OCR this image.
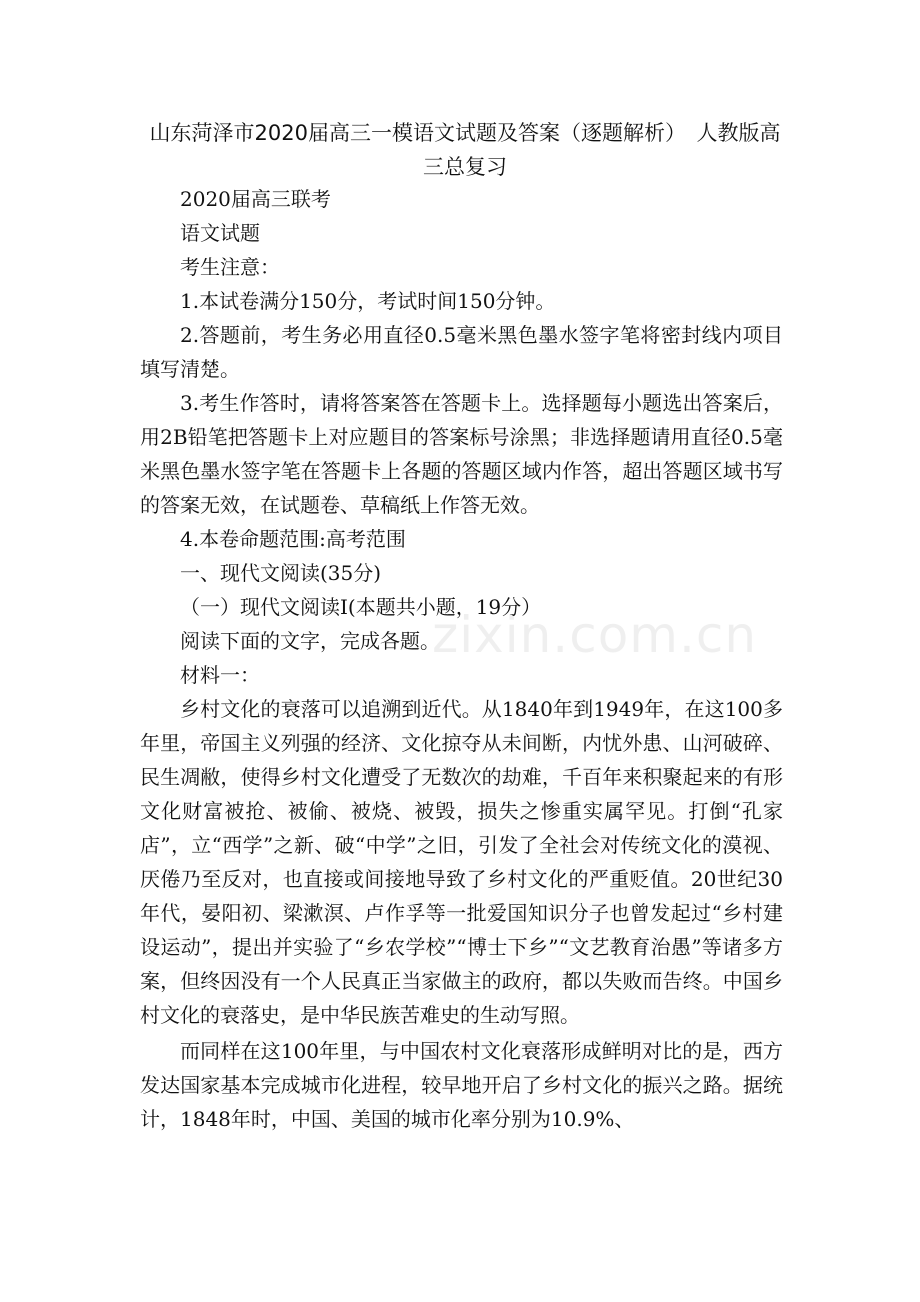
山东菏泽市2020届高三一模语文试题及答案（逐题解析）　人教版高三总复习

2020届高三联考

语文试题

考生注意：

1.本试卷满分150分，考试时间150分钟。

2.答题前，考生务必用直径0.5毫米黑色墨水签字笔将密封线内项目填写清楚。

3.考生作答时，请将答案答在答题卡上。选择题每小题选出答案后，用2B铅笔把答题卡上对应题目的答案标号涂黑；非选择题请用直径0.5毫米黑色墨水签字笔在答题卡上各题的答题区域内作答，超出答题区域书写的答案无效，在试题卷、草稿纸上作答无效。

4.本卷命题范围:高考范围

一、现代文阅读(35分)

（一）现代文阅读Ⅰ(本题共小题，19分）

阅读下面的文字，完成各题。

材料一：

乡村文化的衰落可以追溯到近代。从1840年到1949年，在这100多年里，帝国主义列强的经济、文化掠夺从未间断，内忧外患、山河破碎、民生凋敝，使得乡村文化遭受了无数次的劫难，千百年来积聚起来的有形文化财富被抢、被偷、被烧、被毁，损失之惨重实属罕见。打倒“孔家店”，立“西学”之新、破“中学”之旧，引发了全社会对传统文化的漠视、厌倦乃至反对，也直接或间接地导致了乡村文化的严重贬值。20世纪30年代，晏阳初、梁漱溟、卢作孚等一批爱国知识分子也曾发起过“乡村建设运动”，提出并实验了“乡农学校”“博士下乡”“文艺教育治愚”等诸多方案，但终因没有一个人民真正当家做主的政府，都以失败而告终。中国乡村文化的衰落史，是中华民族苦难史的生动写照。

而同样在这100年里，与中国农村文化衰落形成鲜明对比的是，西方发达国家基本完成城市化进程，较早地开启了乡村文化的振兴之路。据统计，1848年时，中国、美国的城市化率分别为10.9%、

zixin.com.cn
